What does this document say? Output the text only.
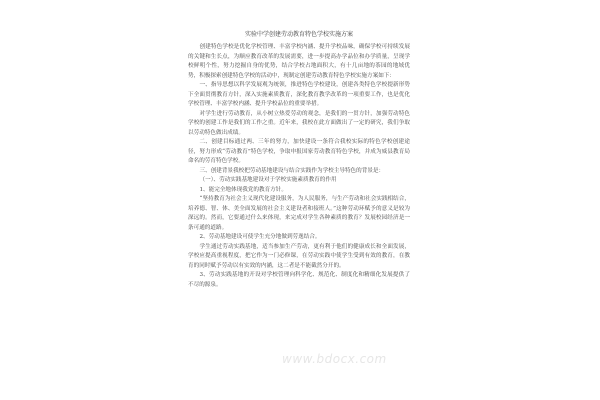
实验中学创建劳动教育特色学校实施方案

创建特色学校是优化学校管理、丰富学校内涵、提升学校品味，确保学校可持续发展的关键和生长点，为顺应教育改革的发展需要，进一步提高办学品位和办学质量，呈现学校鲜明个性，努力挖掘自身的优势，结合学校占地面积大，有十几亩地的茶园的地域优势，积极探索创建特色学校的活动中，现制定创建劳动教育特色学校实施方案如下：

一、指导思想以科学发展观为统领，推进特色学校建设，创建各类特色学校提新形势下全面贯彻教育方针，深入实施素质教育，深化教育教学改革的一项重要工作，也是优化学校管理、丰富学校内涵、提升学校品位的重要举措。

对学生进行劳动教育，从小树立热爱劳动的观念，是我们的一贯方针，加强劳动特色学校的创建工作是我们的工作之重。近年来，我校在此方面做出了一定的研究，我们争取以劳动特色做出成绩。

二、创建目标通过两、三年的努力，加快建设一条符合我校实际的特色学校创建途径，努力形成“劳动教育”特色学校，争取申报国家劳动教育特色学校，并成为威县教育局命名的劳育特色学校。

三、创建背景我校把劳动基地建设与结合实践作为学校主导特色的背景是：

（一）、劳动实践基地建设对于学校实施素质教育的作用

1、能完全地体现我党的教育方针。

“坚持教育为社会主义现代化建设服务，为人民服务，与生产劳动和社会实践相结合，培养德、智、体、美全面发展的社会主义建设者和接班人。”这种劳动环赋予的意义是较为深远的。然而，它要通过什么来体现，来完成对学生各种素质的教育？发展校园经济是一条可通的道路。

2、劳动基地建设可使学生充分地做到劳逸结合。

学生通过劳动实践基地，适当参加生产劳动，更有利于他们的健康成长和全面发展，学校应提高重视程度，把它作为一门必修课，在劳动实践中使学生受到有效的教育，在教育的同时赋予劳动以有实效的内涵，这二者是不能截然分开的。

3、劳动实践基地的开设对学校管理向科学化、规范化、制度化和精细化发展提供了不尽的源泉。

www.bdocx.com
